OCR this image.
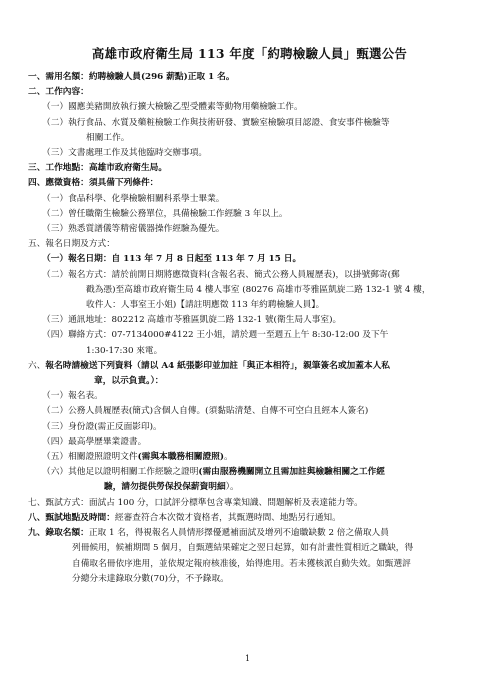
高雄市政府衛生局 113 年度「約聘檢驗人員」甄選公告
一、需用名額：約聘檢驗人員(296 薪點)正取 1 名。
二、工作內容：
（一）國應美豬開放執行擴大檢驗乙型受體素等動物用藥檢驗工作。
（二）執行食品、水質及藥粧檢驗工作與技術研發、實驗室檢驗項目認證、食安事件檢驗等
相關工作。
（三）文書處理工作及其他臨時交辦事項。
三、工作地點：高雄市政府衛生局。
四、應徵資格：須具備下列條件：
（一）食品科學、化學檢驗相關科系學士畢業。
（二）曾任職衛生檢驗公務單位，具備檢驗工作經驗 3 年以上。
（三）熟悉質譜儀等精密儀器操作經驗為優先。
五、報名日期及方式：
（一）報名日期：自 113 年 7 月 8 日起至 113 年 7 月 15 日。
（二）報名方式：請於前開日期將應徵資料(含報名表、簡式公務人員履歷表)，以掛號郵寄(郵
戳為憑)至高雄市政府衛生局 4 樓人事室 (80276 高雄市苓雅區凱旋二路 132-1 號 4 樓，
收件人：人事室王小姐)【請註明應徵 113 年約聘檢驗人員】。
（三）通訊地址：802212 高雄市苓雅區凱旋二路 132-1 號(衛生局人事室)。
（四）聯絡方式：07-7134000#4122 王小姐，請於週一至週五上午 8:30-12:00 及下午
1:30-17:30 來電。
六、報名時請檢送下列資料（請以 A4 紙張影印並加註「與正本相符」，親筆簽名或加蓋本人私
章，以示負責。）：
（一）報名表。
（二）公務人員履歷表(簡式)含個人自傳。(須黏貼清楚、自傳不可空白且經本人簽名)
（三）身份證(需正反面影印)。
（四）最高學歷畢業證書。
（五）相關證照證明文件(需與本職務相關證照)。
（六）其他足以證明相關工作經驗之證明(需由服務機關開立且需加註與檢驗相關之工作經
驗，請勿提供勞保投保薪資明細）。
七、甄試方式：面試占 100 分，口試評分標準包含專業知識、問題解析及表達能力等。
八、甄試地點及時間：經審查符合本次徵才資格者，其甄選時間、地點另行通知。
九、錄取名額：正取 1 名，得視報名人員情形擇優遞補面試及增列不逾職缺數 2 倍之備取人員
列冊候用，候補期間 5 個月，自甄選結果確定之翌日起算，如有計畫性質相近之職缺，得
自備取名冊依序進用，並依規定報府核准後，始得進用。若未獲核派自動失效。如甄選評
分總分未達錄取分數(70)分，不予錄取。
1
